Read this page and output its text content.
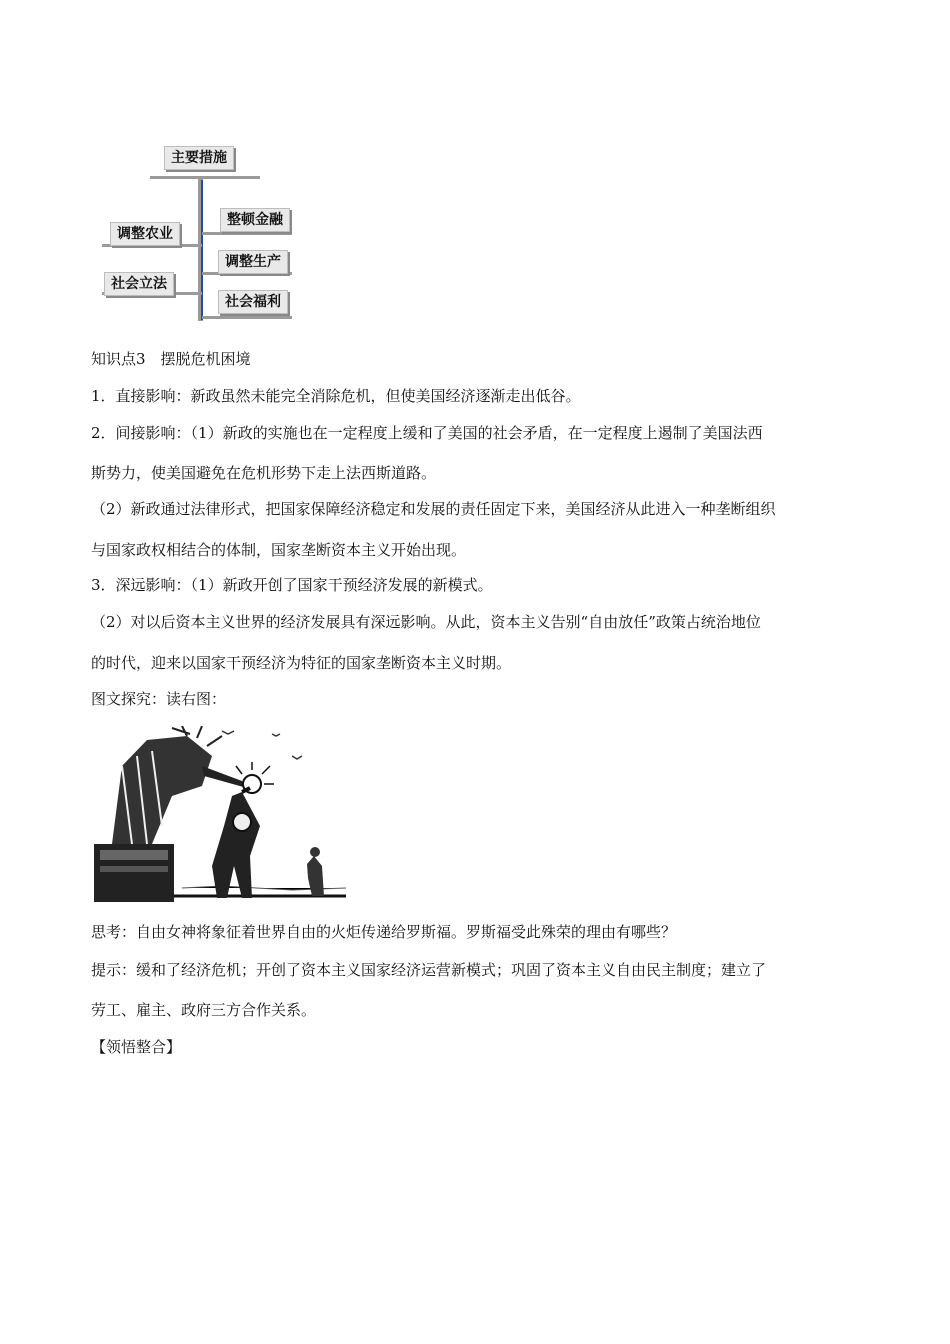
主要措施
调整农业
社会立法
整顿金融
调整生产
社会福利
知识点3　摆脱危机困境
1．直接影响：新政虽然未能完全消除危机，但使美国经济逐渐走出低谷。
2．间接影响：（1）新政的实施也在一定程度上缓和了美国的社会矛盾，在一定程度上遏制了美国法西
斯势力，使美国避免在危机形势下走上法西斯道路。
（2）新政通过法律形式，把国家保障经济稳定和发展的责任固定下来，美国经济从此进入一种垄断组织
与国家政权相结合的体制，国家垄断资本主义开始出现。
3．深远影响：（1）新政开创了国家干预经济发展的新模式。
（2）对以后资本主义世界的经济发展具有深远影响。从此，资本主义告别“自由放任”政策占统治地位
的时代，迎来以国家干预经济为特征的国家垄断资本主义时期。
图文探究：读右图：
思考：自由女神将象征着世界自由的火炬传递给罗斯福。罗斯福受此殊荣的理由有哪些？
提示：缓和了经济危机；开创了资本主义国家经济运营新模式；巩固了资本主义自由民主制度；建立了
劳工、雇主、政府三方合作关系。
【领悟整合】
